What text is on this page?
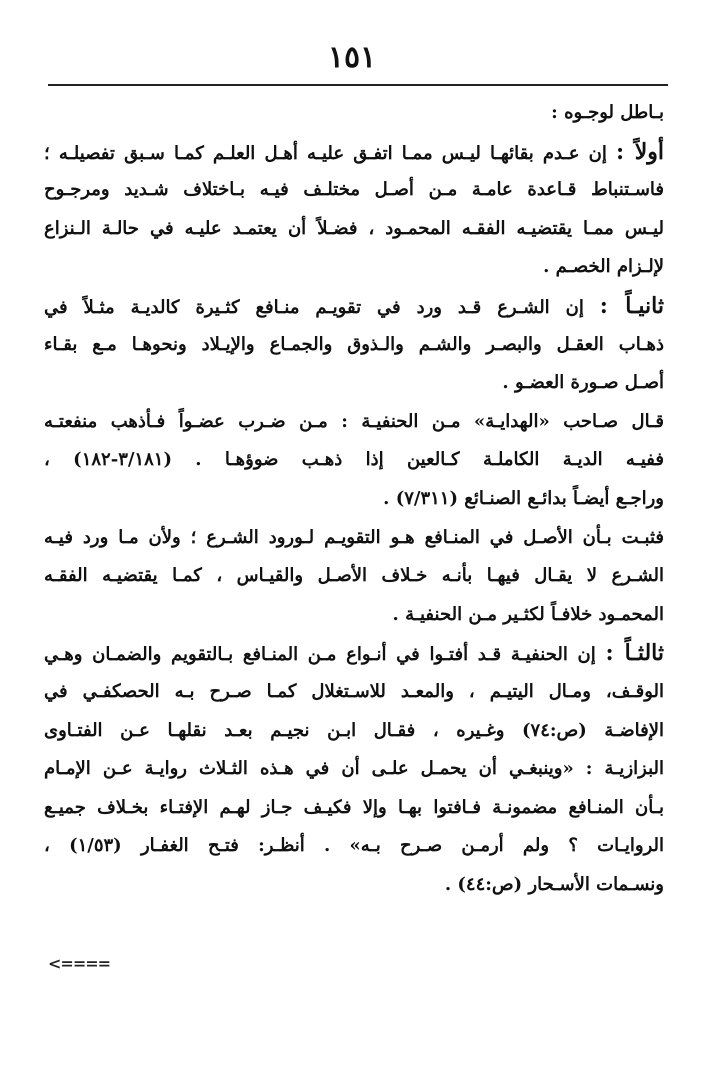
١٥١
بـاطل لوجـوه :
أولاً : إن عـدم بقائهـا ليـس ممـا اتفـق عليـه أهـل العلـم كمـا سـبق تفصيلـه ؛
فاسـتنباط قـاعدة عامـة مـن أصـل مختلـف فيـه بـاختلاف شـديد ومرجـوح
ليـس ممـا يقتضيـه الفقـه المحمـود ، فضـلاً أن يعتمـد عليـه في حالـة الـنزاع
لإلـزام الخصـم .
ثانيـاً : إن الشـرع قـد ورد في تقويـم منـافع كثـيرة كالديـة مثـلاً في
ذهـاب العقـل والبصـر والشـم والـذوق والجمـاع والإيـلاد ونحوهـا مـع بقـاء
أصـل صـورة العضـو .
قـال صـاحب «الهدايـة» مـن الحنفيـة : مـن ضـرب عضـواً فـأذهب منفعتـه
ففيـه الديـة الكاملـة كـالعين إذا ذهـب ضوؤهـا . (٣/١٨١-١٨٢) ،
وراجـع أيضـاً بدائـع الصنـائع (٧/٣١١) .
فثبـت بـأن الأصـل في المنـافع هـو التقويـم لـورود الشـرع ؛ ولأن مـا ورد فيـه
الشـرع لا يقـال فيهـا بأنـه خـلاف الأصـل والقيـاس ، كمـا يقتضيـه الفقـه
المحمـود خلافـاً لكثـير مـن الحنفيـة .
ثالثـاً : إن الحنفيـة قـد أفتـوا في أنـواع مـن المنـافع بـالتقويم والضمـان وهـي
الوقـف، ومـال اليتيـم ، والمعـد للاسـتغلال كمـا صـرح بـه الحصكفـي في
الإفاضـة (ص:٧٤) وغـيره ، فقـال ابـن نجيـم بعـد نقلهـا عـن الفتـاوى
البزازيـة : «وينبغـي أن يحمـل علـى أن في هـذه الثـلاث روايـة عـن الإمـام
بـأن المنـافع مضمونـة فـافتوا بهـا وإلا فكيـف جـاز لهـم الإفتـاء بخـلاف جميـع
الروايـات ؟ ولم أرمـن صـرح بـه» . أنظـر: فتـح الغفـار (١/٥٣) ،
ونسـمات الأسـحار (ص:٤٤) .
<====
